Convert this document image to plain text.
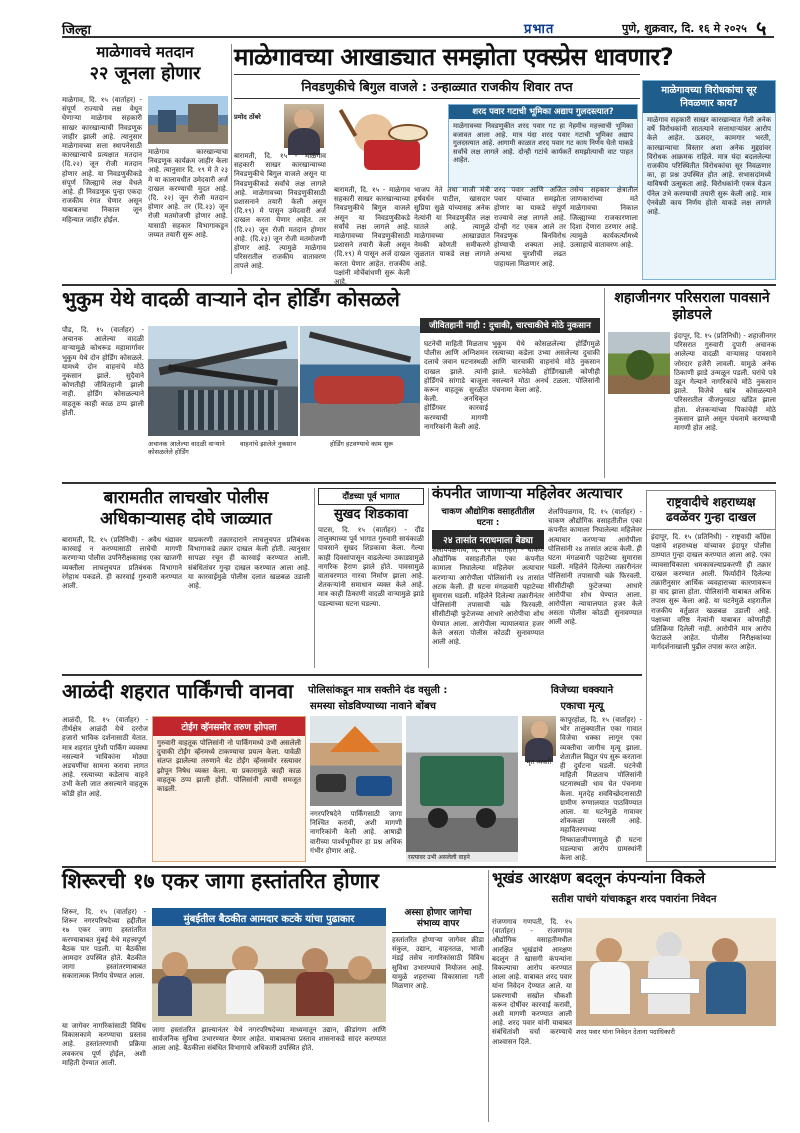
जिल्हा	प्रभात	पुणे, शुक्रवार, दि. १६ मे २०२५ ५
माळेगावचे मतदान
२२ जूनला होणार

माळेगाव, दि. १५ (वार्ताहर) - संपूर्ण राज्याचे लक्ष वेधून घेणाऱ्या माळेगाव सहकारी साखर कारखान्याची निवडणूक जाहीर झाली आहे. त्यानुसार माळेगावच्या सत्ता स्थापनेसाठी कारखान्याचे प्रत्यक्षात मतदान (दि.२२) जून रोजी मतदान होणार आहे. या निवडणुकीकडे संपूर्ण जिल्ह्याचे लक्ष वेधले आहे. ही निवडणूक पुन्हा एकदा राजकीय रंगत घेणार असून याबाबतचा निकाल जून महिन्यात जाहीर होईल.

माळेगाव कारखान्याचा निवडणूक कार्यक्रम जाहीर केला आहे. त्यानुसार दि. १९ मे ते २३ मे या कालावधीत उमेदवारी अर्ज दाखल करण्याची मुदत आहे. (दि. २२) जून रोजी मतदान होणार आहे. तर (दि.२३) जून रोजी मतमोजणी होणार आहे. यासाठी सहकार विभागाकडून जय्यत तयारी सुरू आहे.

प्रमोद ठोंबरे

बारामती, दि. १५ - माळेगाव सहकारी साखर कारखान्याच्या निवडणुकीचे बिगुल वाजले असून या निवडणुकीकडे सर्वांचे लक्ष लागले आहे. माळेगावच्या निवडणुकीसाठी प्रशासनाने तयारी केली असून (दि.१९) मे पासून उमेदवारी अर्ज दाखल करता येणार आहेत. तर (दि.२२) जून रोजी मतदान होणार आहे. (दि.२३) जून रोजी मतमोजणी होणार आहे. त्यामुळे माळेगाव परिसरातील राजकीय वातावरण तापले आहे.

माळेगावच्या आखाड्यात समझोता एक्स्प्रेस धावणार?
निवडणुकीचे बिगुल वाजले : उन्हाळ्यात राजकीय शिवार तप्त
शरद पवार गटाची भूमिका अद्याप गुलदस्त्यात?

माळेगावच्या निवडणुकीत शरद पवार गट हा नेहमीच महत्त्वाची भूमिका बजावत आला आहे. मात्र यंदा शरद पवार गटाची भूमिका अद्याप गुलदस्त्यात आहे. आगामी काळात शरद पवार गट काय निर्णय घेतो याकडे सर्वांचे लक्ष लागले आहे. दोन्ही गटांचे कार्यकर्ते समझोत्याची वाट पाहत आहेत.

बारामती, दि. १५ - माळेगाव सहकारी साखर कारखान्याच्या निवडणुकीचे बिगुल वाजले असून या निवडणुकीकडे सर्वांचे लक्ष लागले आहे. माळेगावच्या निवडणुकीसाठी प्रशासने तयारी केली असून (दि.१९) मे पासून अर्ज दाखल करता येणार आहेत. राजकीय पक्षांनी मोर्चेबांधणी सुरू केली आहे.

भाजप नेते तथा माजी मंत्री हर्षवर्धन पाटील, खासदार सुप्रिया सुळे यांच्यासह अनेक नेत्यांनी या निवडणुकीत लक्ष घातले आहे. त्यामुळे माळेगावच्या आखाड्यात नेमकी कोणती समीकरणे जुळतात याकडे लक्ष लागले आहे.

शरद पवार आणि अजित पवार यांच्यात समझोता होणार का याकडे संपूर्ण राज्याचे लक्ष लागले आहे. दोन्ही गट एकत्र आले तर निवडणूक बिनविरोध होण्याची शक्यता आहे. अन्यथा चुरशीची लढत पाहायला मिळणार आहे.

तसेच सहकार क्षेत्रातील जाणकारांच्या मते माळेगावचा निकाल जिल्ह्याच्या राजकारणाला दिशा देणारा ठरणार आहे. त्यामुळे कार्यकर्त्यांमध्ये उत्साहाचे वातावरण आहे.

माळेगावच्या विरोधकांचा सूर निवळणार काय?

माळेगाव सहकारी साखर कारखान्यात गेली अनेक वर्षे विरोधकांनी सातत्याने सत्ताधाऱ्यांवर आरोप केले आहेत. ऊसदर, कामगार भरती, कारखान्याचा विस्तार अशा अनेक मुद्द्यांवर विरोधक आक्रमक राहिले. मात्र यंदा बदललेल्या राजकीय परिस्थितीत विरोधकांचा सूर निवळणार का, हा प्रश्न उपस्थित होत आहे. सभासदांमध्ये याविषयी उत्सुकता आहे. विरोधकांनी एकत्र येऊन पॅनेल उभे करण्याची तयारी सुरू केली आहे. मात्र ऐनवेळी काय निर्णय होतो याकडे लक्ष लागले आहे.

भुकुम येथे वादळी वाऱ्याने दोन होर्डिंग कोसळले

पौड, दि. १५ (वार्ताहर) - अचानक आलेल्या वादळी वाऱ्यामुळे कोथरूड महामार्गावर भुकुम येथे दोन होर्डिंग कोसळले. यामध्ये दोन वाहनांचे मोठे नुकसान झाले. सुदैवाने कोणतीही जीवितहानी झाली नाही. होर्डिंग कोसळल्याने वाहतूक काही काळ ठप्प झाली होती.

अचानक आलेल्या वादळी वाऱ्याने कोसळलेले होर्डिंग

वाहनांचे झालेले नुकसान	होर्डिंग हटवण्याचे काम सुरू

घटनेची माहिती मिळताच पोलीस आणि अग्निशमन दलाचे जवान घटनास्थळी दाखल झाले. त्यांनी होर्डिंगचे सांगाडे बाजूला करून वाहतूक सुरळीत केली. अनधिकृत होर्डिंगवर कारवाई करण्याची मागणी नागरिकांनी केली आहे.

जीवितहानी नाही : दुचाकी, चारचाकीचे मोठे नुकसान

भुकुम येथे कोसळलेल्या होर्डिंगमुळे रस्त्याच्या कडेला उभ्या असलेल्या दुचाकी आणि चारचाकी वाहनांचे मोठे नुकसान झाले. घटनेवेळी होर्डिंगखाली कोणीही नसल्याने मोठा अनर्थ टळला. पोलिसांनी पंचनामा केला आहे.

शहाजीनगर परिसराला पावसाने झोडपले

इंदापूर, दि. १५ (प्रतिनिधी) - शहाजीनगर परिसरात गुरुवारी दुपारी अचानक आलेल्या वादळी वाऱ्यासह पावसाने जोरदार हजेरी लावली. यामुळे अनेक ठिकाणी झाडे उन्मळून पडली. घरांचे पत्रे उडून गेल्याने नागरिकांचे मोठे नुकसान झाले. विजेचे खांब कोसळल्याने परिसरातील वीजपुरवठा खंडित झाला होता. शेतकऱ्यांच्या पिकांचेही मोठे नुकसान झाले असून पंचनामे करण्याची मागणी होत आहे.

बारामतीत लाचखोर पोलीस अधिकाऱ्यासह दोघे जाळ्यात

बारामती, दि. १५ (प्रतिनिधी) - अवैध धंद्यावर कारवाई न करण्यासाठी लाचेची मागणी करणाऱ्या पोलीस उपनिरीक्षकासह एका खाजगी व्यक्तीला लाचलुचपत प्रतिबंधक विभागाने रंगेहाथ पकडले. ही कारवाई गुरुवारी करण्यात आली.

याप्रकरणी तक्रारदाराने लाचलुचपत प्रतिबंधक विभागाकडे तक्रार दाखल केली होती. त्यानुसार सापळा रचून ही कारवाई करण्यात आली. संबंधितांवर गुन्हा दाखल करण्यात आला आहे. या कारवाईमुळे पोलीस दलात खळबळ उडाली आहे.

दौंडच्या पूर्व भागात
सुखद शिडकावा

पाटस, दि. १५ (वार्ताहर) - दौंड तालुक्याच्या पूर्व भागात गुरुवारी सायंकाळी पावसाने सुखद शिडकावा केला. गेल्या काही दिवसांपासून वाढलेल्या उकाड्यामुळे नागरिक हैराण झाले होते. पावसामुळे वातावरणात गारवा निर्माण झाला आहे. शेतकऱ्यांनी समाधान व्यक्त केले आहे. मात्र काही ठिकाणी वादळी वाऱ्यामुळे झाडे पडल्याच्या घटना घडल्या.

कंपनीत जाणाऱ्या महिलेवर अत्याचार
चाकण औद्योगिक वसाहतीतील घटना :
२४ तासांत नराधमाला बेड्या

शेलपिंपळगाव, दि. १५ (वार्ताहर) - चाकण औद्योगिक वसाहतीतील एका कंपनीत कामाला निघालेल्या महिलेवर अत्याचार करणाऱ्या आरोपीला पोलिसांनी २४ तासांत अटक केली. ही घटना मंगळवारी पहाटेच्या सुमारास घडली. महिलेने दिलेल्या तक्रारीनंतर पोलिसांनी तपासाची चक्रे फिरवली. सीसीटीव्ही फुटेजच्या आधारे आरोपीचा शोध घेण्यात आला. आरोपीला न्यायालयात हजर केले असता पोलीस कोठडी सुनावण्यात आली आहे.

शेलपिंपळगाव, दि. १५ (वार्ताहर) - चाकण औद्योगिक वसाहतीतील एका कंपनीत कामाला निघालेल्या महिलेवर अत्याचार करणाऱ्या आरोपीला पोलिसांनी २४ तासांत अटक केली. ही घटना मंगळवारी पहाटेच्या सुमारास घडली. महिलेने दिलेल्या तक्रारीनंतर पोलिसांनी तपासाची चक्रे फिरवली. सीसीटीव्ही फुटेजच्या आधारे आरोपीचा शोध घेण्यात आला. आरोपीला न्यायालयात हजर केले असता पोलीस कोठडी सुनावण्यात आली आहे.

राष्ट्रवादीचे शहराध्यक्ष ढवळेंवर गुन्हा दाखल

इंदापूर, दि. १५ (प्रतिनिधी) - राष्ट्रवादी काँग्रेस पक्षाचे शहराध्यक्ष यांच्यावर इंदापूर पोलीस ठाण्यात गुन्हा दाखल करण्यात आला आहे. एका व्यावसायिकाला धमकावल्याप्रकरणी ही तक्रार दाखल करण्यात आली. फिर्यादीने दिलेल्या तक्रारीनुसार आर्थिक व्यवहाराच्या कारणावरून हा वाद झाला होता. पोलिसांनी याबाबत अधिक तपास सुरू केला आहे. या घटनेमुळे शहरातील राजकीय वर्तुळात खळबळ उडाली आहे. पक्षाच्या वरिष्ठ नेत्यांनी याबाबत कोणतीही प्रतिक्रिया दिलेली नाही. आरोपीने मात्र आरोप फेटाळले आहेत. पोलीस निरीक्षकांच्या मार्गदर्शनाखाली पुढील तपास करत आहेत.

आळंदी शहरात पार्किंगची वानवा

आळंदी, दि. १५ (वार्ताहर) - तीर्थक्षेत्र आळंदी येथे दररोज हजारो भाविक दर्शनासाठी येतात. मात्र शहरात पुरेशी पार्किंग व्यवस्था नसल्याने भाविकांना मोठ्या अडचणींचा सामना करावा लागत आहे. रस्त्याच्या कडेलाच वाहने उभी केली जात असल्याने वाहतूक कोंडी होत आहे.

टोईंग व्हॅनसमोर तरुण झोपला

गुरुवारी वाहतूक पोलिसांनी नो पार्किंगमध्ये उभी असलेली दुचाकी टोईंग व्हॅनमध्ये टाकण्याचा प्रयत्न केला. यावेळी संतप्त झालेल्या तरुणाने थेट टोईंग व्हॅनसमोर रस्त्यावर झोपून निषेध व्यक्त केला. या प्रकारामुळे काही काळ वाहतूक ठप्प झाली होती. पोलिसांनी त्याची समजूत काढली.

नगरपरिषदेने पार्किंगसाठी जागा निश्चित करावी, अशी मागणी नागरिकांनी केली आहे. आषाढी वारीच्या पार्श्वभूमीवर हा प्रश्न अधिक गंभीर होणार आहे.

पोलिसांकडून मात्र सक्तीने दंड वसुली :
समस्या सोडविण्याच्या नावाने बोंबच
रस्त्यावर उभी असलेली वाहने
विजेच्या धक्क्याने
एकाचा मृत्यू

कापूरहोळ, दि. १५ (वार्ताहर) - भोर तालुक्यातील एका गावात विजेचा धक्का लागून एका व्यक्तीचा जागीच मृत्यू झाला. शेतातील विद्युत पंप सुरू करताना ही दुर्घटना घडली. घटनेची माहिती मिळताच पोलिसांनी घटनास्थळी धाव घेत पंचनामा केला. मृतदेह शवविच्छेदनासाठी ग्रामीण रुग्णालयात पाठविण्यात आला. या घटनेमुळे गावावर शोककळा पसरली आहे. महावितरणच्या निष्काळजीपणामुळे ही घटना घडल्याचा आरोप ग्रामस्थांनी केला आहे.

मृत व्यक्ती
शिरूरची १७ एकर जागा हस्तांतरित होणार

शिरूर, दि. १५ (वार्ताहर) - शिरूर नगरपरिषदेच्या हद्दीतील १७ एकर जागा हस्तांतरित करण्याबाबत मुंबई येथे महत्त्वपूर्ण बैठक पार पडली. या बैठकीस आमदार उपस्थित होते. बैठकीत जागा हस्तांतरणाबाबत सकारात्मक निर्णय घेण्यात आला.

मुंबईतील बैठकीत आमदार कटके यांचा पुढाकार

या जागेवर नागरिकांसाठी विविध विकासकामे करण्याचा प्रस्ताव आहे. हस्तांतरणाची प्रक्रिया लवकरच पूर्ण होईल, अशी माहिती देण्यात आली.

जागा हस्तांतरित झाल्यानंतर येथे नगरपरिषदेच्या माध्यमातून उद्यान, क्रीडांगण आणि सार्वजनिक सुविधा उभारण्यात येणार आहेत. याबाबतचा प्रस्ताव शासनाकडे सादर करण्यात आला आहे. बैठकीला संबंधित विभागाचे अधिकारी उपस्थित होते.

अस्सा होणार जागेचा संभाव्य वापर

हस्तांतरित होणाऱ्या जागेवर क्रीडा संकुल, उद्यान, वाहनतळ, भाजी मंडई तसेच नागरिकांसाठी विविध सुविधा उभारण्याचे नियोजन आहे. यामुळे शहराच्या विकासाला गती मिळणार आहे.

भूखंड आरक्षण बदलून कंपन्यांना विकले
सतीश पाचंगे यांचाकडून शरद पवारांना निवेदन

रांजणगाव गणपती, दि. १५ (वार्ताहर) - रांजणगाव औद्योगिक वसाहतीमधील आरक्षित भूखंडांचे आरक्षण बदलून ते खासगी कंपन्यांना विकल्याचा आरोप करण्यात आला आहे. याबाबत शरद पवार यांना निवेदन देण्यात आले. या प्रकरणाची सखोल चौकशी करून दोषींवर कारवाई करावी, अशी मागणी करण्यात आली आहे. शरद पवार यांनी याबाबत संबंधितांशी चर्चा करण्याचे आश्वासन दिले.

शरद पवार यांना निवेदन देताना पदाधिकारी
